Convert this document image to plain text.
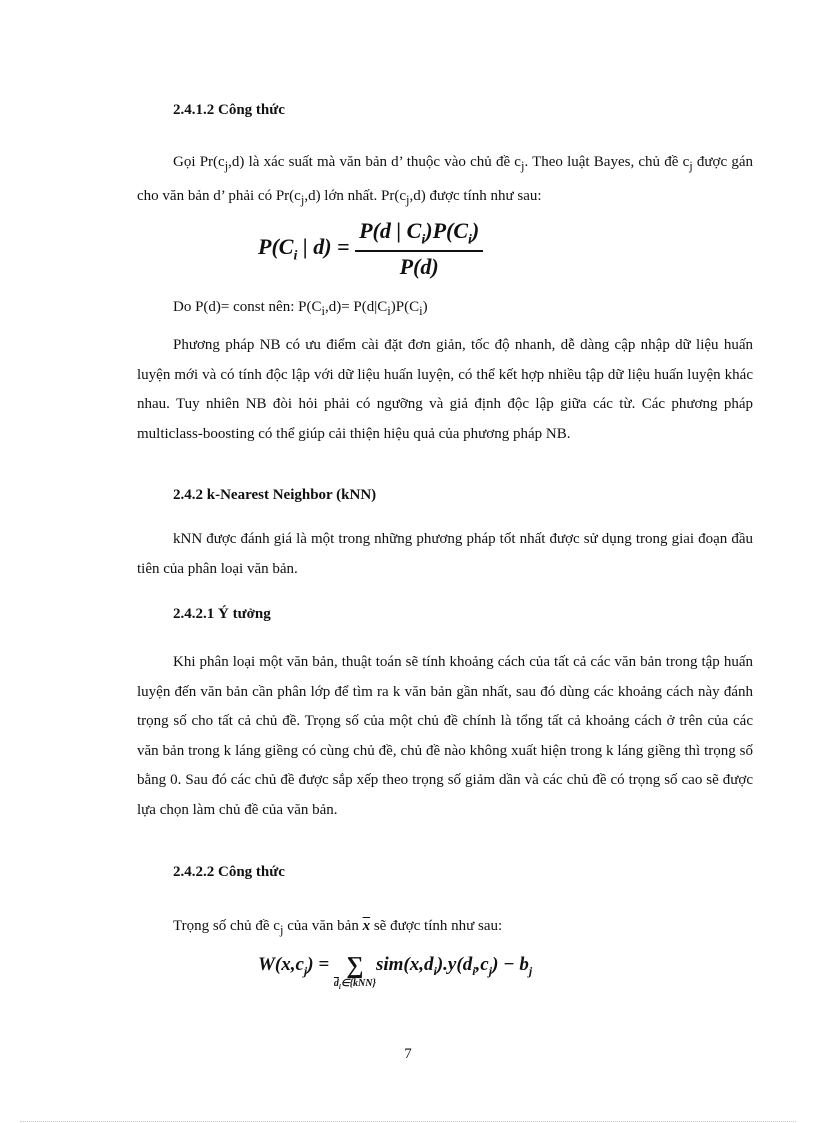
2.4.1.2 Công thức

Gọi $Pr(c_j,d)$ là xác suất mà văn bản d’ thuộc vào chủ đề $c_j$. Theo luật Bayes, chủ đề $c_j$ được gán cho văn bản d’ phải có $Pr(c_j,d)$ lớn nhất. $Pr(c_j,d)$ được tính như sau:

$P(C_i$ | $d) = \frac{P(d | C_i)P(C_i)}{P(d)}$

Do P(d)= const nên: $P(C_i,d)= P(d|C_i)P(C_i)$

Phương pháp NB có ưu điểm cài đặt đơn giản, tốc độ nhanh, dễ dàng cập nhập dữ liệu huấn luyện mới và có tính độc lập với dữ liệu huấn luyện, có thể kết hợp nhiều tập dữ liệu huấn luyện khác nhau. Tuy nhiên NB đòi hỏi phải có ngưỡng và giả định độc lập giữa các từ. Các phương pháp multiclass-boosting có thể giúp cải thiện hiệu quả của phương pháp NB.

2.4.2 k-Nearest Neighbor (kNN)

kNN được đánh giá là một trong những phương pháp tốt nhất được sử dụng trong giai đoạn đầu tiên của phân loại văn bản.

2.4.2.1 Ý tưởng

Khi phân loại một văn bản, thuật toán sẽ tính khoảng cách của tất cả các văn bản trong tập huấn luyện đến văn bản cần phân lớp để tìm ra k văn bản gần nhất, sau đó dùng các khoảng cách này đánh trọng số cho tất cả chủ đề. Trọng số của một chủ đề chính là tổng tất cả khoảng cách ở trên của các văn bản trong k láng giềng có cùng chủ đề, chủ đề nào không xuất hiện trong k láng giềng thì trọng số bằng 0. Sau đó các chủ đề được sắp xếp theo trọng số giảm dần và các chủ đề có trọng số cao sẽ được lựa chọn làm chủ đề của văn bản.

2.4.2.2 Công thức

Trọng số chủ đề $c_j$ của văn bản $\overline{x}$ sẽ được tính như sau:

$W(x,c_j)$ = ∑
$\overline{d}_i\in\{kNN\}$
$sim(x,d_i).y(d_i,c_j) - b_j$
7
